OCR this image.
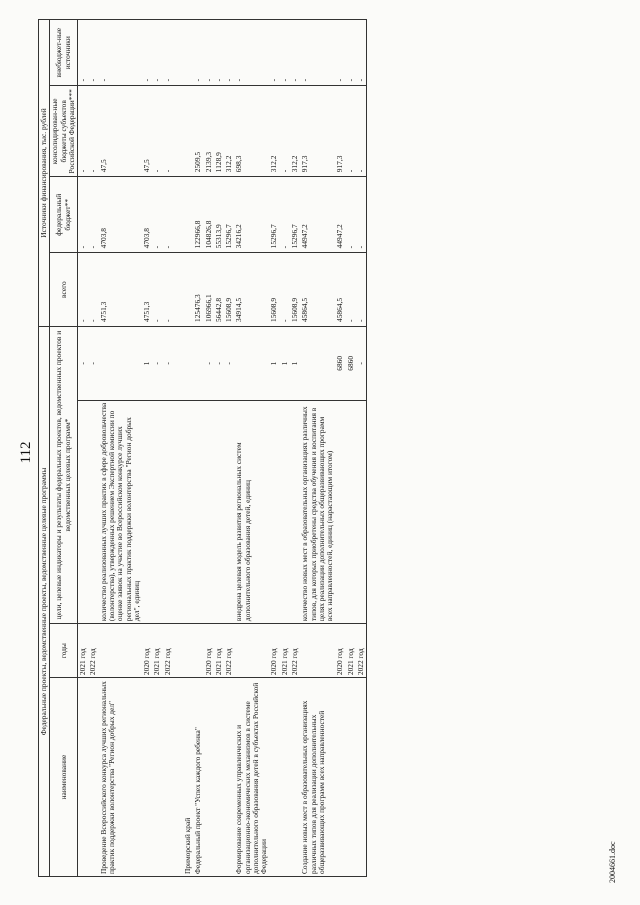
112
Федеральные проекты, ведомственные проекты, ведомственные целевые программы				Источники финансирования, тыс. рублей			
наименование	годы	цели, целевые индикаторы и результаты федеральных проектов, ведомственных проектов и ведомственных целевых программ*		всего	федеральный бюджет**	консолидирован-ные бюджеты субъектов Российской Федерации***	внебюджет-ные источники
	2021 год		-	-	-	-	-
	2022 год		-	-	-	-	-
Проведение Всероссийского конкурса лучших региональных практик поддержки волонтерства "Регион добрых дел"		количество реализованных лучших практик в сфере добровольчества (волонтерства), утвержденных решением Экспертной комиссии по оценке заявок на участие во Всероссийском конкурсе лучших региональных практик поддержки волонтерства "Регион добрых дел", единиц		4751,3	4703,8	47,5	-
	2020 год		1	4751,3	4703,8	47,5	-
	2021 год		-	-	-	-	-
	2022 год		-	-	-	-	-

Приморский край							
Федеральный проект "Успех каждого ребенка"				125476,3	122966,8	2509,5	-
	2020 год		-	106966,1	104826,8	2139,3	-
	2021 год		-	56442,8	55313,9	1128,9	-
	2022 год		-	15608,9	15296,7	312,2	-
Формирование современных управленческих и организационно-экономических механизмов в системе дополнительного образования детей в субъектах Российской Федерации		внедрена целевая модель развития региональных систем дополнительного образования детей, единиц		34914,5	34216,2	698,3	-
	2020 год		1	15608,9	15296,7	312,2	-
	2021 год		1	-	-	-	-
	2022 год		1	15608,9	15296,7	312,2	-
Создание новых мест в образовательных организациях различных типов для реализации дополнительных общеразвивающих программ всех направленностей		количество новых мест в образовательных организациях различных типов, для которых приобретены средства обучения и воспитания в целях реализации дополнительных общеразвивающих программ всех направленностей, единиц (нарастающим итогом)		45864,5	44947,2	917,3	-
	2020 год		6860	45864,5	44947,2	917,3	-
	2021 год		6860	-	-	-	-
	2022 год		-	-	-	-	-
2004661.doc
